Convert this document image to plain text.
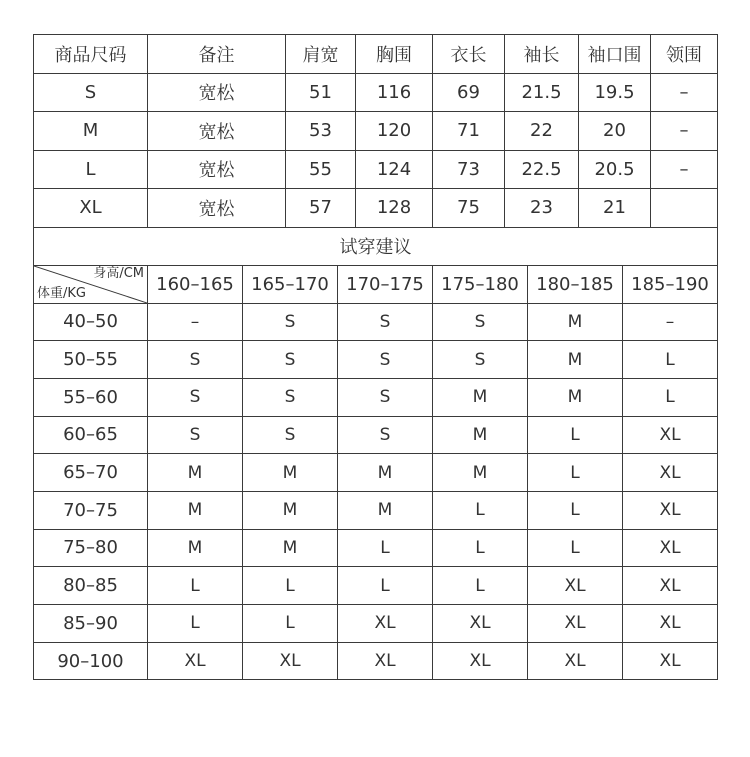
商品尺码	备注	肩宽	胸围	衣长	袖长	袖口围	领围
S	宽松	51	116	69	21.5	19.5	–
M	宽松	53	120	71	22	20	–
L	宽松	55	124	73	22.5	20.5	–
XL	宽松	57	128	75	23	21	
试穿建议						

身高/CM
体重/KG	160–165	165–170	170–175	175–180	180–185	185–190
40–50	–	S	S	S	M	–
50–55	S	S	S	S	M	L
55–60	S	S	S	M	M	L
60–65	S	S	S	M	L	XL
65–70	M	M	M	M	L	XL
70–75	M	M	M	L	L	XL
75–80	M	M	L	L	L	XL
80–85	L	L	L	L	XL	XL
85–90	L	L	XL	XL	XL	XL
90–100	XL	XL	XL	XL	XL	XL
